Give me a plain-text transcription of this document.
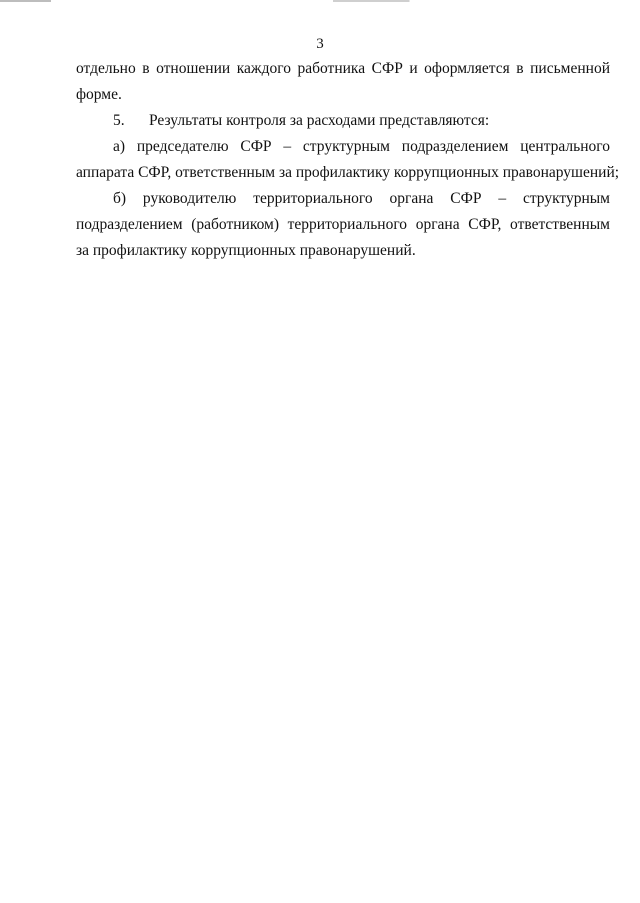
3
отдельно в отношении каждого работника СФР и оформляется в письменной
форме.
5. Результаты контроля за расходами представляются:
а) председателю СФР – структурным подразделением центрального
аппарата СФР, ответственным за профилактику коррупционных правонарушений;
б) руководителю территориального органа СФР – структурным
подразделением (работником) территориального органа СФР, ответственным
за профилактику коррупционных правонарушений.
